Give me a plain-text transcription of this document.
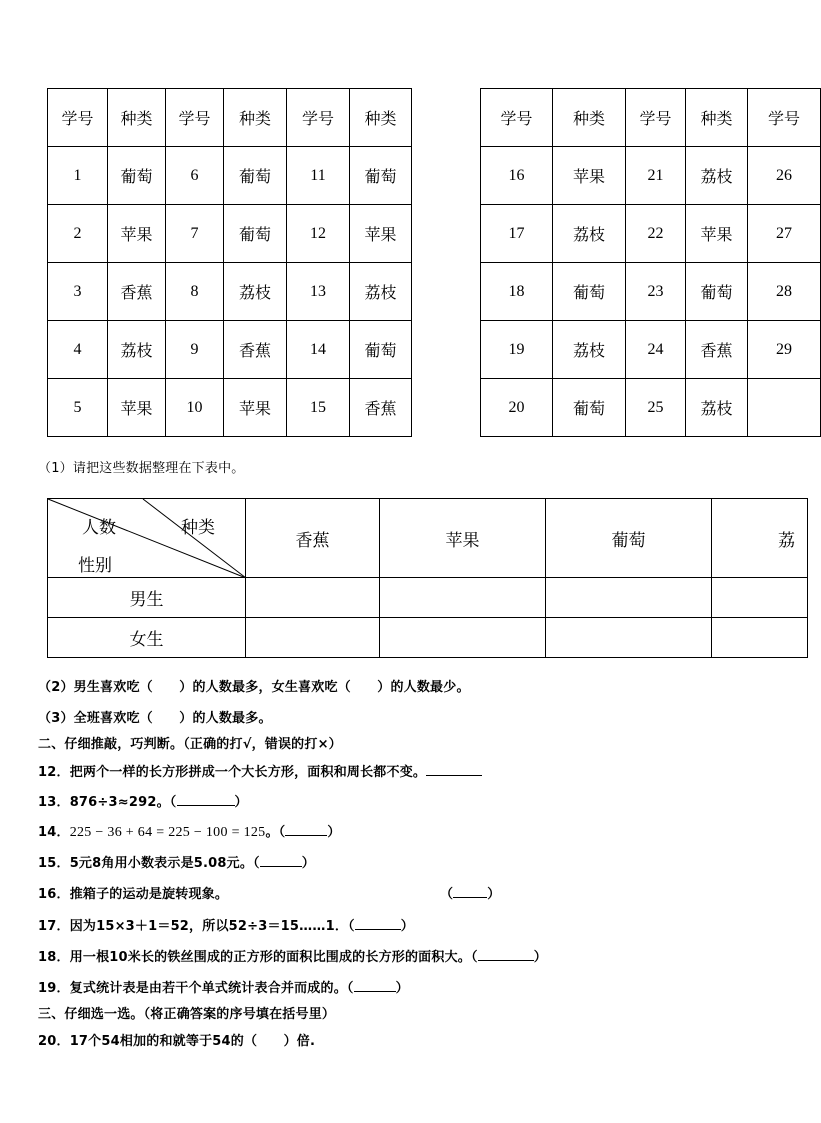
学号	种类	学号	种类	学号	种类
1	葡萄	6	葡萄	11	葡萄
2	苹果	7	葡萄	12	苹果
3	香蕉	8	荔枝	13	荔枝
4	荔枝	9	香蕉	14	葡萄
5	苹果	10	苹果	15	香蕉
学号	种类	学号	种类	学号
16	苹果	21	荔枝	26
17	荔枝	22	苹果	27
18	葡萄	23	葡萄	28
19	荔枝	24	香蕉	29
20	葡萄	25	荔枝	
（1）请把这些数据整理在下表中。
种类
人数
性别	香蕉	苹果	葡萄	荔
男生				
女生				
（2）男生喜欢吃（　　）的人数最多，女生喜欢吃（　　）的人数最少。
（3）全班喜欢吃（　　）的人数最多。
二、仔细推敲，巧判断。（正确的打√，错误的打×）
12．把两个一样的长方形拼成一个大长方形，面积和周长都不变。
13．876÷3≈292。（	）
14．225 − 36 + 64 = 225 − 100 = 125。（	）
15．5元8角用小数表示是5.08元。（	）
16．推箱子的运动是旋转现象。	（	）
17．因为15×3＋1＝52，所以52÷3＝15……1．（	）
18．用一根10米长的铁丝围成的正方形的面积比围成的长方形的面积大。（	）
19．复式统计表是由若干个单式统计表合并而成的。（	）
三、仔细选一选。（将正确答案的序号填在括号里）
20．17个54相加的和就等于54的（　　）倍.
